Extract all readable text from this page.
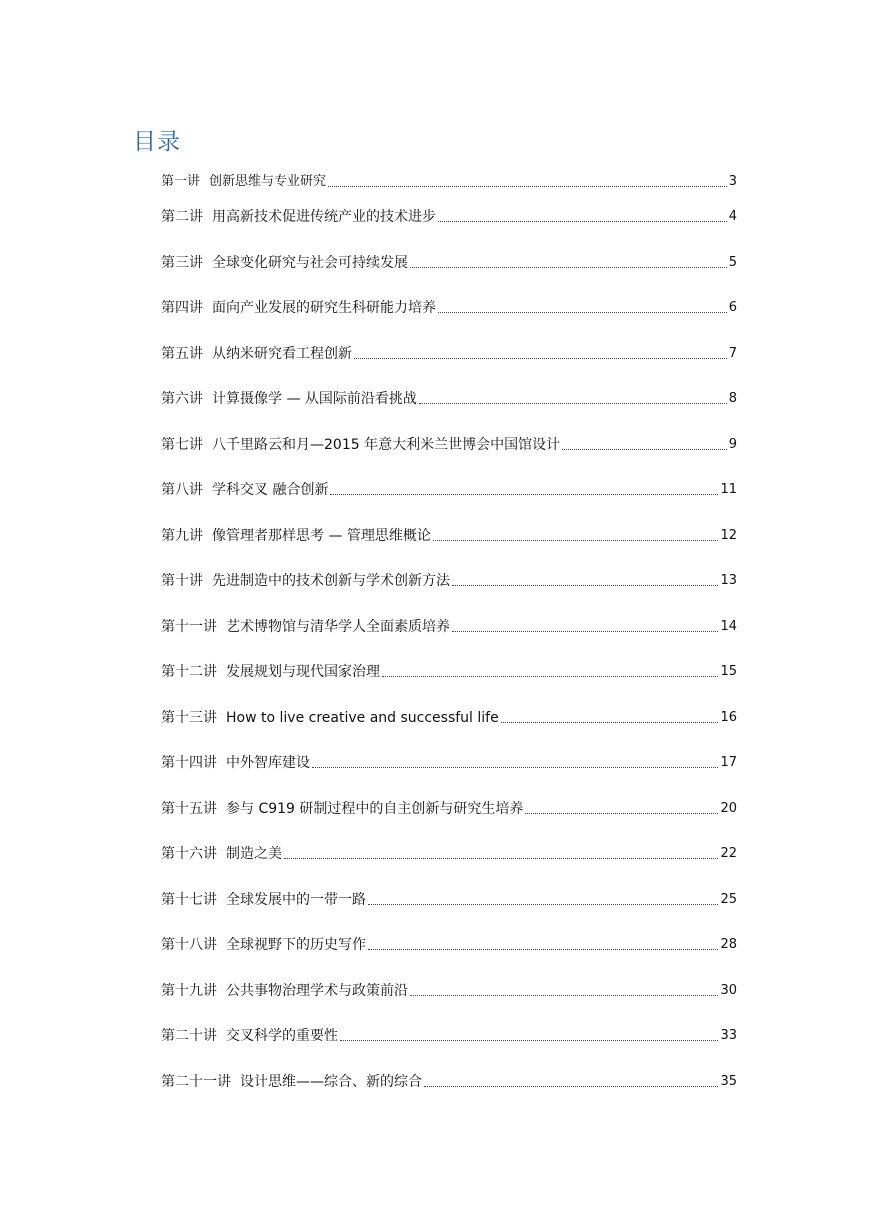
目录
第一讲 创新思维与专业研究	3
第二讲 用高新技术促进传统产业的技术进步	4
第三讲 全球变化研究与社会可持续发展	5
第四讲 面向产业发展的研究生科研能力培养	6
第五讲 从纳米研究看工程创新	7
第六讲 计算摄像学 — 从国际前沿看挑战	8
第七讲 八千里路云和月—2015 年意大利米兰世博会中国馆设计	9
第八讲 学科交叉 融合创新	11
第九讲 像管理者那样思考 — 管理思维概论	12
第十讲 先进制造中的技术创新与学术创新方法	13
第十一讲 艺术博物馆与清华学人全面素质培养	14
第十二讲 发展规划与现代国家治理	15
第十三讲 How to live creative and successful life	16
第十四讲 中外智库建设	17
第十五讲 参与 C919 研制过程中的自主创新与研究生培养	20
第十六讲 制造之美	22
第十七讲 全球发展中的一带一路	25
第十八讲 全球视野下的历史写作	28
第十九讲 公共事物治理学术与政策前沿	30
第二十讲 交叉科学的重要性	33
第二十一讲 设计思维——综合、新的综合	35
